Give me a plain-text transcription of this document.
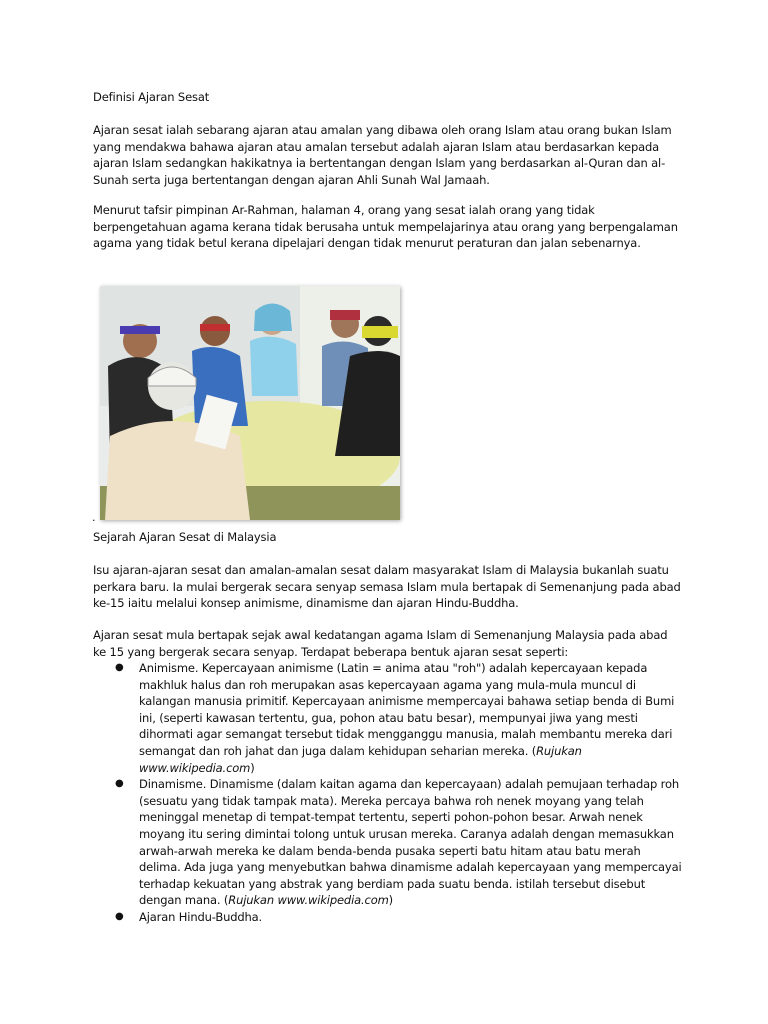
Definisi Ajaran Sesat

Ajaran sesat ialah sebarang ajaran atau amalan yang dibawa oleh orang Islam atau orang bukan Islam yang mendakwa bahawa ajaran atau amalan tersebut adalah ajaran Islam atau berdasarkan kepada ajaran Islam sedangkan hakikatnya ia bertentangan dengan Islam yang berdasarkan al-Quran dan al-Sunah serta juga bertentangan dengan ajaran Ahli Sunah Wal Jamaah.

Menurut tafsir pimpinan Ar-Rahman, halaman 4, orang yang sesat ialah orang yang tidak berpengetahuan agama kerana tidak berusaha untuk mempelajarinya atau orang yang berpengalaman agama yang tidak betul kerana dipelajari dengan tidak menurut peraturan dan jalan sebenarnya.

.

Sejarah Ajaran Sesat di Malaysia

Isu ajaran-ajaran sesat dan amalan-amalan sesat dalam masyarakat Islam di Malaysia bukanlah suatu perkara baru. Ia mulai bergerak secara senyap semasa Islam mula bertapak di Semenanjung pada abad ke-15 iaitu melalui konsep animisme, dinamisme dan ajaran Hindu-Buddha.

Ajaran sesat mula bertapak sejak awal kedatangan agama Islam di Semenanjung Malaysia pada abad ke 15 yang bergerak secara senyap. Terdapat beberapa bentuk ajaran sesat seperti:

● Animisme. Kepercayaan animisme (Latin = anima atau "roh") adalah kepercayaan kepada makhluk halus dan roh merupakan asas kepercayaan agama yang mula-mula muncul di kalangan manusia primitif. Kepercayaan animisme mempercayai bahawa setiap benda di Bumi ini, (seperti kawasan tertentu, gua, pohon atau batu besar), mempunyai jiwa yang mesti dihormati agar semangat tersebut tidak mengganggu manusia, malah membantu mereka dari semangat dan roh jahat dan juga dalam kehidupan seharian mereka. (Rujukan www.wikipedia.com)
● Dinamisme. Dinamisme (dalam kaitan agama dan kepercayaan) adalah pemujaan terhadap roh (sesuatu yang tidak tampak mata). Mereka percaya bahwa roh nenek moyang yang telah meninggal menetap di tempat-tempat tertentu, seperti pohon-pohon besar. Arwah nenek moyang itu sering dimintai tolong untuk urusan mereka. Caranya adalah dengan memasukkan arwah-arwah mereka ke dalam benda-benda pusaka seperti batu hitam atau batu merah delima. Ada juga yang menyebutkan bahwa dinamisme adalah kepercayaan yang mempercayai terhadap kekuatan yang abstrak yang berdiam pada suatu benda. istilah tersebut disebut dengan mana. (Rujukan www.wikipedia.com)
● Ajaran Hindu-Buddha.
